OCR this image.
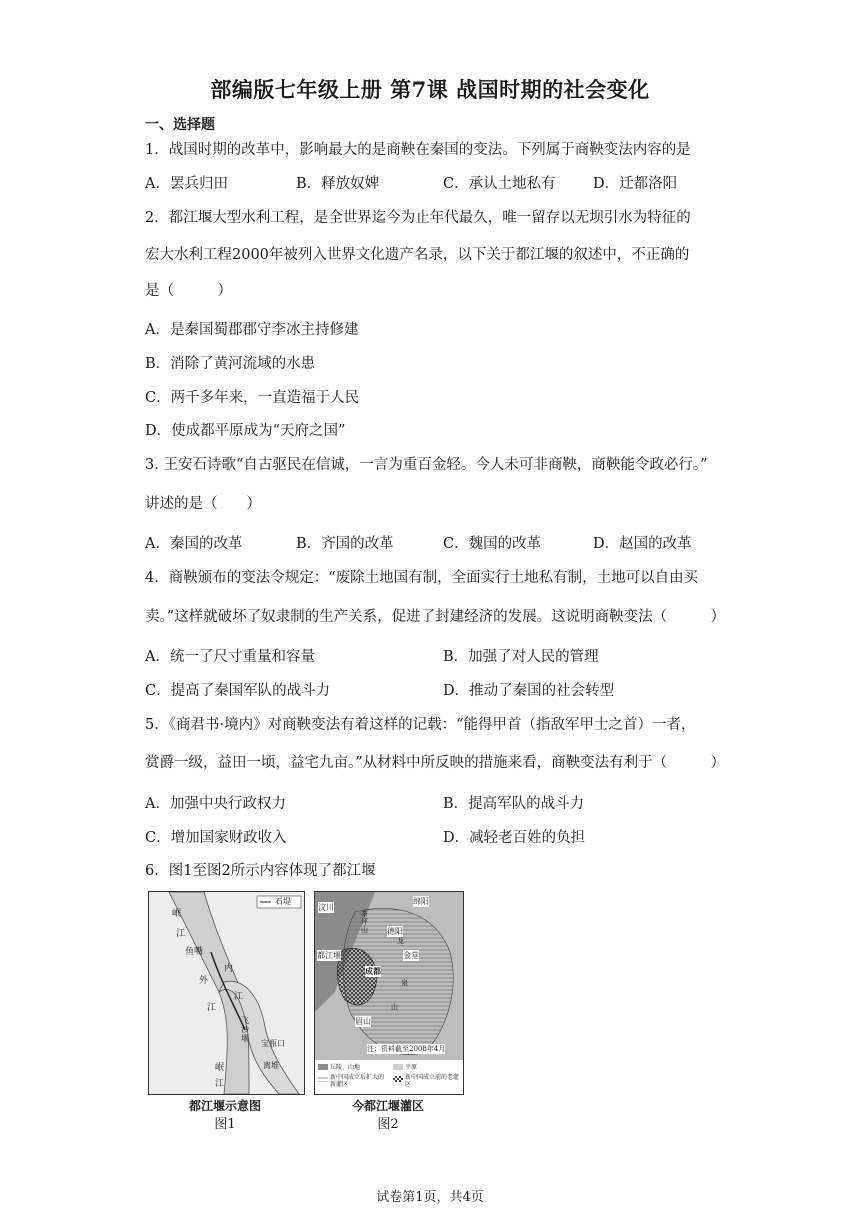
部编版七年级上册 第7课 战国时期的社会变化
一、选择题
1．战国时期的改革中，影响最大的是商鞅在秦国的变法。下列属于商鞅变法内容的是
A．罢兵归田	B．释放奴婢	C．承认土地私有	D．迁都洛阳
2．都江堰大型水利工程，是全世界迄今为止年代最久，唯一留存以无坝引水为特征的
宏大水利工程2000年被列入世界文化遗产名录，以下关于都江堰的叙述中，不正确的
是（　　　）
A．是秦国蜀郡郡守李冰主持修建
B．消除了黄河流域的水患
C．两千多年来，一直造福于人民
D．使成都平原成为“天府之国”
3. 王安石诗歌“自古驱民在信诚，一言为重百金轻。今人未可非商鞅，商鞅能令政必行。”
讲述的是（　　）
A．秦国的改革	B．齐国的改革	C．魏国的改革	D．赵国的改革
4．商鞅颁布的变法令规定：“废除土地国有制，全面实行土地私有制，土地可以自由买
卖。”这样就破坏了奴隶制的生产关系，促进了封建经济的发展。这说明商鞅变法（　　　）
A．统一了尺寸重量和容量	B．加强了对人民的管理
C．提高了秦国军队的战斗力	D．推动了秦国的社会转型
5．《商君书·境内》对商鞅变法有着这样的记载：“能得甲首（指敌军甲士之首）一者，
赏爵一级，益田一顷，益宅九亩。”从材料中所反映的措施来看，商鞅变法有利于（　　　）
A．加强中央行政权力	B．提高军队的战斗力
C．增加国家财政收入	D．减轻老百姓的负担
6．图1至图2所示内容体现了都江堰
石堤
岷
江
鱼嘴
外
内
江
江
飞沙堰
宝瓶口
离堆
岷
江
都江堰示意图
图1
汶川
绵阳
茶坪山 德阳
都江堰	金堂
成都
眉山
龙
泉
山
注：资料截至2008年4月
丘陵、山地	平原
新中国成立后扩大的新灌区
新中国成立前的老灌区
今都江堰灌区
图2
试卷第1页，共4页
